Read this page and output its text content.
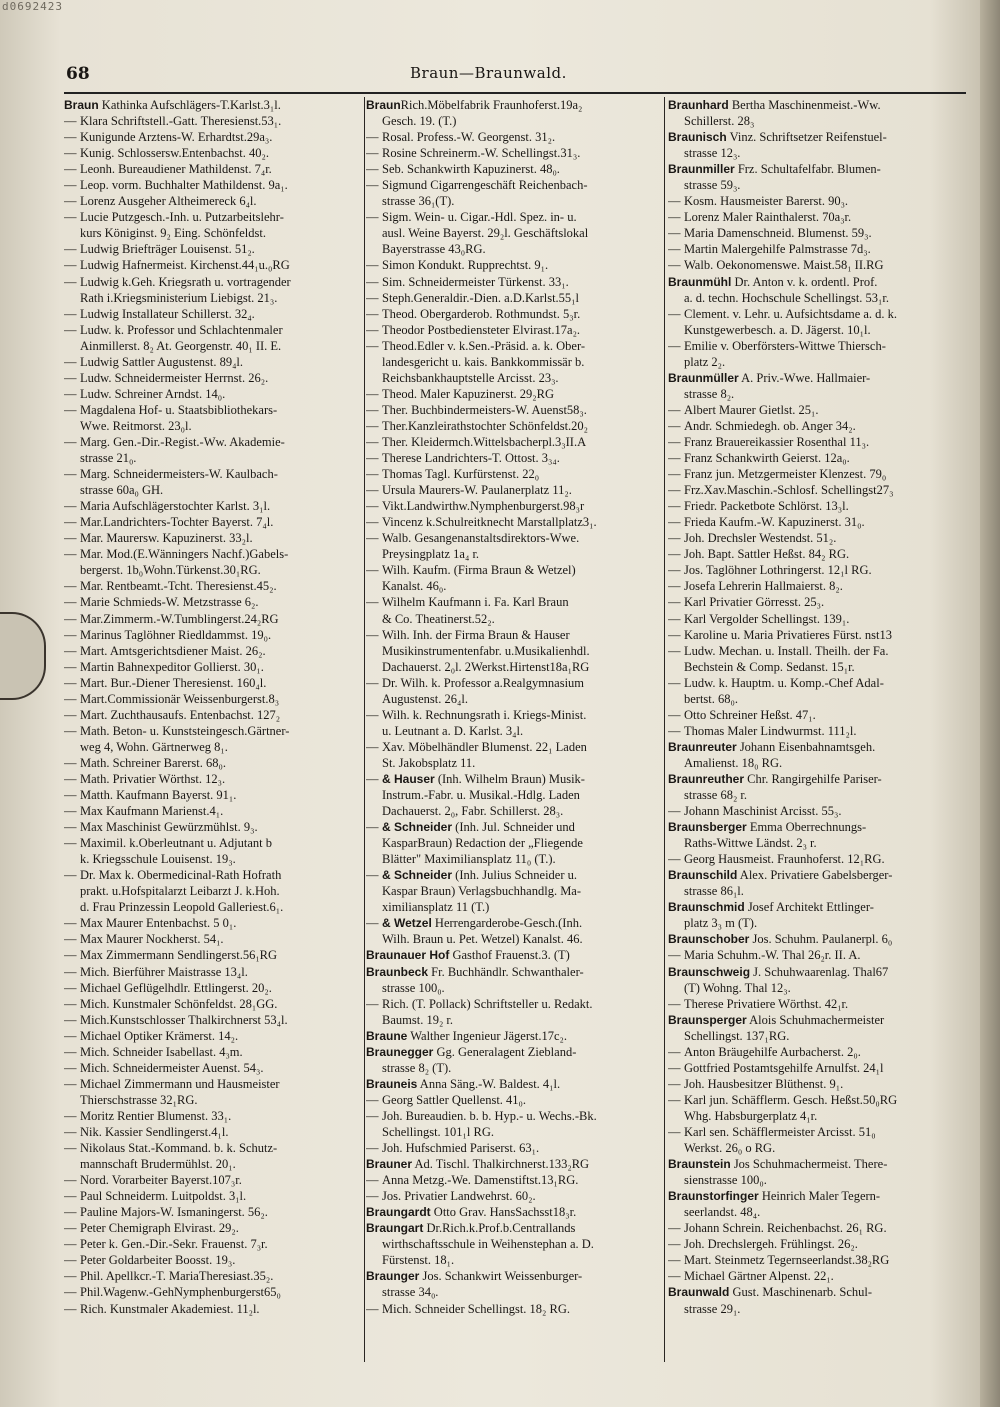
d0692423
68	Braun—Braunwald.
Braun Kathinka Aufschlägers-T.Karlst.3₁l.
— Klara Schriftstell.-Gatt. Theresienst.53₁.
— Kunigunde Arztens-W. Erhardtst.29a₃.
— Kunig. Schlossersw.Entenbachst. 40₂.
— Leonh. Bureaudiener Mathildenst. 7₄r.
— Leop. vorm. Buchhalter Mathildenst. 9a₁.
— Lorenz Ausgeher Altheimereck 6₄l.
— Lucie Putzgesch.-Inh. u. Putzarbeitslehr-
kurs Königinst. 9₂ Eing. Schönfeldst.
— Ludwig Briefträger Louisenst. 51₂.
— Ludwig Hafnermeist. Kirchenst.44₁u.₀RG
— Ludwig k.Geh. Kriegsrath u. vortragender
Rath i.Kriegsministerium Liebigst. 21₃.
— Ludwig Installateur Schillerst. 32₄.
— Ludw. k. Professor und Schlachtenmaler
Ainmillerst. 8₂ At. Georgenstr. 40₁ II. E.
— Ludwig Sattler Augustenst. 89₄l.
— Ludw. Schneidermeister Herrnst. 26₂.
— Ludw. Schreiner Arndst. 14₀.
— Magdalena Hof- u. Staatsbibliothekars-
Wwe. Reitmorst. 23₀l.
— Marg. Gen.-Dir.-Regist.-Ww. Akademie-
strasse 21₀.
— Marg. Schneidermeisters-W. Kaulbach-
strasse 60a₀ GH.
— Maria Aufschlägerstochter Karlst. 3₁l.
— Mar.Landrichters-Tochter Bayerst. 7₄l.
— Mar. Maurersw. Kapuzinerst. 33₂l.
— Mar. Mod.(E.Wänningers Nachf.)Gabels-
bergerst. 1b₀Wohn.Türkenst.30₁RG.
— Mar. Rentbeamt.-Tcht. Theresienst.45₂.
— Marie Schmieds-W. Metzstrasse 6₂.
— Mar.Zimmerm.-W.Tumblingerst.24₂RG
— Marinus Taglöhner Riedldammst. 19₀.
— Mart. Amtsgerichtsdiener Maist. 26₂.
— Martin Bahnexpeditor Gollierst. 30₁.
— Mart. Bur.-Diener Theresienst. 160₄l.
— Mart.Commissionär Weissenburgerst.8₃
— Mart. Zuchthausaufs. Entenbachst. 127₂
— Math. Beton- u. Kunststeingesch.Gärtner-
weg 4, Wohn. Gärtnerweg 8₁.
— Math. Schreiner Barerst. 68₀.
— Math. Privatier Wörthst. 12₃.
— Matth. Kaufmann Bayerst. 91₁.
— Max Kaufmann Marienst.4₁.
— Max Maschinist Gewürzmühlst. 9₃.
— Maximil. k.Oberleutnant u. Adjutant b
k. Kriegsschule Louisenst. 19₃.
— Dr. Max k. Obermedicinal-Rath Hofrath
prakt. u.Hofspitalarzt Leibarzt J. k.Hoh.
d. Frau Prinzessin Leopold Galleriest.6₁.
— Max Maurer Entenbachst. 5 0₁.
— Max Maurer Nockherst. 54₁.
— Max Zimmermann Sendlingerst.56₁RG
— Mich. Bierführer Maistrasse 13₄l.
— Michael Geflügelhdlr. Ettlingerst. 20₂.
— Mich. Kunstmaler Schönfeldst. 28₁GG.
— Mich.Kunstschlosser Thalkirchnerst 53₄l.
— Michael Optiker Krämerst. 14₂.
— Mich. Schneider Isabellast. 4₃m.
— Mich. Schneidermeister Auenst. 54₃.
— Michael Zimmermann und Hausmeister
Thierschstrasse 32₁RG.
— Moritz Rentier Blumenst. 33₁.
— Nik. Kassier Sendlingerst.4₁l.
— Nikolaus Stat.-Kommand. b. k. Schutz-
mannschaft Brudermühlst. 20₁.
— Nord. Vorarbeiter Bayerst.107₃r.
— Paul Schneiderm. Luitpoldst. 3₁l.
— Pauline Majors-W. Ismaningerst. 56₂.
— Peter Chemigraph Elvirast. 29₂.
— Peter k. Gen.-Dir.-Sekr. Frauenst. 7₃r.
— Peter Goldarbeiter Boosst. 19₃.
— Phil. Apellkcr.-T. MariaTheresiast.35₂.
— Phil.Wagenw.-GehNymphenburgerst65₀
— Rich. Kunstmaler Akademiest. 11₂l.
BraunRich.Möbelfabrik Fraunhoferst.19a₂
Gesch. 19. (T.)
— Rosal. Profess.-W. Georgenst. 31₂.
— Rosine Schreinerm.-W. Schellingst.31₃.
— Seb. Schankwirth Kapuzinerst. 48₀.
— Sigmund Cigarrengeschäft Reichenbach-
strasse 36₁(T).
— Sigm. Wein- u. Cigar.-Hdl. Spez. in- u.
ausl. Weine Bayerst. 29₂l. Geschäftslokal
Bayerstrasse 43₀RG.
— Simon Kondukt. Rupprechtst. 9₁.
— Sim. Schneidermeister Türkenst. 33₁.
— Steph.Generaldir.-Dien. a.D.Karlst.55₁l
— Theod. Obergarderob. Rothmundst. 5₃r.
— Theodor Postbediensteter Elvirast.17a₂.
— Theod.Edler v. k.Sen.-Präsid. a. k. Ober-
landesgericht u. kais. Bankkommissär b.
Reichsbankhauptstelle Arcisst. 23₃.
— Theod. Maler Kapuzinerst. 29₂RG
— Ther. Buchbindermeisters-W. Auenst58₃.
— Ther.Kanzleirathstochter Schönfeldst.20₂
— Ther. Kleidermch.Wittelsbacherpl.3₃II.A
— Therese Landrichters-T. Ottost. 3₃₄.
— Thomas Tagl. Kurfürstenst. 22₀
— Ursula Maurers-W. Paulanerplatz 11₂.
— Vikt.Landwirthw.Nymphenburgerst.98₃r
— Vincenz k.Schulreitknecht Marstallplatz3₁.
— Walb. Gesangenanstaltsdirektors-Wwe.
Preysingplatz 1a₄ r.
— Wilh. Kaufm. (Firma Braun & Wetzel)
Kanalst. 46₀.
— Wilhelm Kaufmann i. Fa. Karl Braun
& Co. Theatinerst.52₂.
— Wilh. Inh. der Firma Braun & Hauser
Musikinstrumentenfabr. u.Musikalienhdl.
Dachauerst. 2₀l. 2Werkst.Hirtenst18a₁RG
— Dr. Wilh. k. Professor a.Realgymnasium
Augustenst. 26₄l.
— Wilh. k. Rechnungsrath i. Kriegs-Minist.
u. Leutnant a. D. Karlst. 3₄l.
— Xav. Möbelhändler Blumenst. 22₁ Laden
St. Jakobsplatz 11.
— & Hauser (Inh. Wilhelm Braun) Musik-
Instrum.-Fabr. u. Musikal.-Hdlg. Laden
Dachauerst. 2₀, Fabr. Schillerst. 28₃.
— & Schneider (Inh. Jul. Schneider und
KasparBraun) Redaction der „Fliegende
Blätter" Maximiliansplatz 11₀ (T.).
— & Schneider (Inh. Julius Schneider u.
Kaspar Braun) Verlagsbuchhandlg. Ma-
ximiliansplatz 11 (T.)
— & Wetzel Herrengarderobe-Gesch.(Inh.
Wilh. Braun u. Pet. Wetzel) Kanalst. 46.
Braunauer Hof Gasthof Frauenst.3. (T)
Braunbeck Fr. Buchhändlr. Schwanthaler-
strasse 100₀.
— Rich. (T. Pollack) Schriftsteller u. Redakt.
Baumst. 19₂ r.
Braune Walther Ingenieur Jägerst.17c₂.
Braunegger Gg. Generalagent Ziebland-
strasse 8₂ (T).
Brauneis Anna Säng.-W. Baldest. 4₁l.
— Georg Sattler Quellenst. 41₀.
— Joh. Bureaudien. b. b. Hyp.- u. Wechs.-Bk.
Schellingst. 101₁l RG.
— Joh. Hufschmied Pariserst. 63₁.
Brauner Ad. Tischl. Thalkirchnerst.133₂RG
— Anna Metzg.-We. Damenstiftst.13₁RG.
— Jos. Privatier Landwehrst. 60₂.
Braungardt Otto Grav. HansSachsst18₃r.
Braungart Dr.Rich.k.Prof.b.Centrallands
wirthschaftsschule in Weihenstephan a. D.
Fürstenst. 18₁.
Braunger Jos. Schankwirt Weissenburger-
strasse 34₀.
— Mich. Schneider Schellingst. 18₂ RG.
Braunhard Bertha Maschinenmeist.-Ww.
Schillerst. 28₃
Braunisch Vinz. Schriftsetzer Reifenstuel-
strasse 12₃.
Braunmiller Frz. Schultafelfabr. Blumen-
strasse 59₃.
— Kosm. Hausmeister Barerst. 90₃.
— Lorenz Maler Rainthalerst. 70a₃r.
— Maria Damenschneid. Blumenst. 59₃.
— Martin Malergehilfe Palmstrasse 7d₃.
— Walb. Oekonomenswe. Maist.58₁ II.RG
Braunmühl Dr. Anton v. k. ordentl. Prof.
a. d. techn. Hochschule Schellingst. 53₁r.
— Clement. v. Lehr. u. Aufsichtsdame a. d. k.
Kunstgewerbesch. a. D. Jägerst. 10₁l.
— Emilie v. Oberförsters-Wittwe Thiersch-
platz 2₂.
Braunmüller A. Priv.-Wwe. Hallmaier-
strasse 8₂.
— Albert Maurer Gietlst. 25₁.
— Andr. Schmiedegh. ob. Anger 34₂.
— Franz Brauereikassier Rosenthal 11₃.
— Franz Schankwirth Geierst. 12a₀.
— Franz jun. Metzgermeister Klenzest. 79₀
— Frz.Xav.Maschin.-Schlosf. Schellingst27₃
— Friedr. Packetbote Schlörst. 13₃l.
— Frieda Kaufm.-W. Kapuzinerst. 31₀.
— Joh. Drechsler Westendst. 51₂.
— Joh. Bapt. Sattler Heßst. 84₂ RG.
— Jos. Taglöhner Lothringerst. 12₁l RG.
— Josefa Lehrerin Hallmaierst. 8₂.
— Karl Privatier Görresst. 25₃.
— Karl Vergolder Schellingst. 139₁.
— Karoline u. Maria Privatieres Fürst. nst13
— Ludw. Mechan. u. Install. Theilh. der Fa.
Bechstein & Comp. Sedanst. 15₁r.
— Ludw. k. Hauptm. u. Komp.-Chef Adal-
bertst. 68₀.
— Otto Schreiner Heßst. 47₁.
— Thomas Maler Lindwurmst. 111₂l.
Braunreuter Johann Eisenbahnamtsgeh.
Amalienst. 18₀ RG.
Braunreuther Chr. Rangirgehilfe Pariser-
strasse 68₂ r.
— Johann Maschinist Arcisst. 55₃.
Braunsberger Emma Oberrechnungs-
Raths-Wittwe Ländst. 2₃ r.
— Georg Hausmeist. Fraunhoferst. 12₁RG.
Braunschild Alex. Privatiere Gabelsberger-
strasse 86₁l.
Braunschmid Josef Architekt Ettlinger-
platz 3₃ m (T).
Braunschober Jos. Schuhm. Paulanerpl. 6₀
— Maria Schuhm.-W. Thal 26₂r. II. A.
Braunschweig J. Schuhwaarenlag. Thal67
(T) Wohng. Thal 12₃.
— Therese Privatiere Wörthst. 42₁r.
Braunsperger Alois Schuhmachermeister
Schellingst. 137₁RG.
— Anton Bräugehilfe Aurbacherst. 2₀.
— Gottfried Postamtsgehilfe Arnulfst. 24₁l
— Joh. Hausbesitzer Blüthenst. 9₁.
— Karl jun. Schäfflerm. Gesch. Heßst.50₀RG
Whg. Habsburgerplatz 4₁r.
— Karl sen. Schäfflermeister Arcisst. 51₀
Werkst. 26₀ o RG.
Braunstein Jos Schuhmachermeist. There-
sienstrasse 100₀.
Braunstorfinger Heinrich Maler Tegern-
seerlandst. 48₄.
— Johann Schrein. Reichenbachst. 26₁ RG.
— Joh. Drechslergeh. Frühlingst. 26₂.
— Mart. Steinmetz Tegernseerlandst.38₂RG
— Michael Gärtner Alpenst. 22₁.
Braunwald Gust. Maschinenarb. Schul-
strasse 29₁.
